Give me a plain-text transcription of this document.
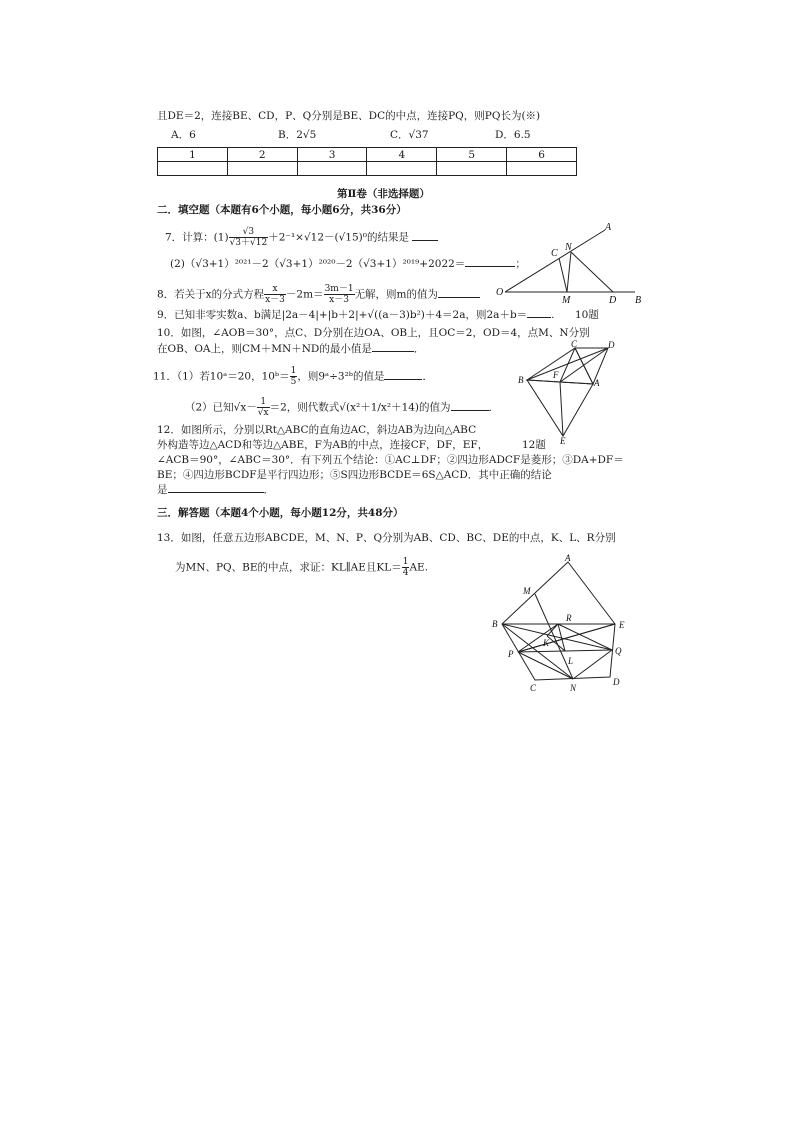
且DE＝2，连接BE、CD，P、Q分别是BE、DC的中点，连接PQ，则PQ长为(※)
A．6	B．2√5	C．√37	D．6.5
1	2	3	4	5	6

第Ⅱ卷（非选择题）
二．填空题（本题有6个小题，每小题6分，共36分）
7．计算：$(1) \frac{√3}{√3+√12} +2^{-1}\times√12-(√15)^0$的结果是
(2)（√3+1）²⁰²¹－2（√3+1）²⁰²⁰－2（√3+1）²⁰¹⁹+2022＝	；
8．若关于x的分式方程 $\frac{x}{x-3} -2m= \frac{3m-1}{x-3}$ 无解，则m的值为
9．已知非零实数a、b满足|2a－4|+|b＋2|+√((a－3)b²)＋4＝2a，则2a＋b＝ . 10题
10．如图，∠AOB＝30°，点C、D分别在边OA、OB上，且OC＝2，OD＝4，点M、N分别
在OB、OA上，则CM＋MN＋ND的最小值是	．
11．（1）若10ᵃ＝20，10ᵇ＝ $\frac{1}{5}$ ，则9ᵃ÷3²ᵇ的值是	．
（2）已知$√x- \frac{1}{√x} =2$，则代数式√(x²＋1/x²＋14)的值为	．
12．如图所示，分别以Rt△ABC的直角边AC，斜边AB为边向△ABC
外构造等边△ACD和等边△ABE，F为AB的中点，连接CF，DF，EF，	12题
∠ACB＝90°，∠ABC＝30°．有下列五个结论：①AC⊥DF；②四边形ADCF是菱形；③DA+DF＝
BE；④四边形BCDF是平行四边形；⑤S四边形BCDE＝6S△ACD．其中正确的结论
是	．
三．解答题（本题4个小题，每小题12分，共48分）
13．如图，任意五边形ABCDE，M、N、P、Q分别为AB、CD、BC、DE的中点，K、L、R分别
为MN、PQ、BE的中点，求证：KL∥AE且$KL= \frac{1}{4}$ AE.
A
N
C
O
M	D B
C	D
F
B	A
E
A
M
R
B	E
K
P
L
Q
C	N
D
